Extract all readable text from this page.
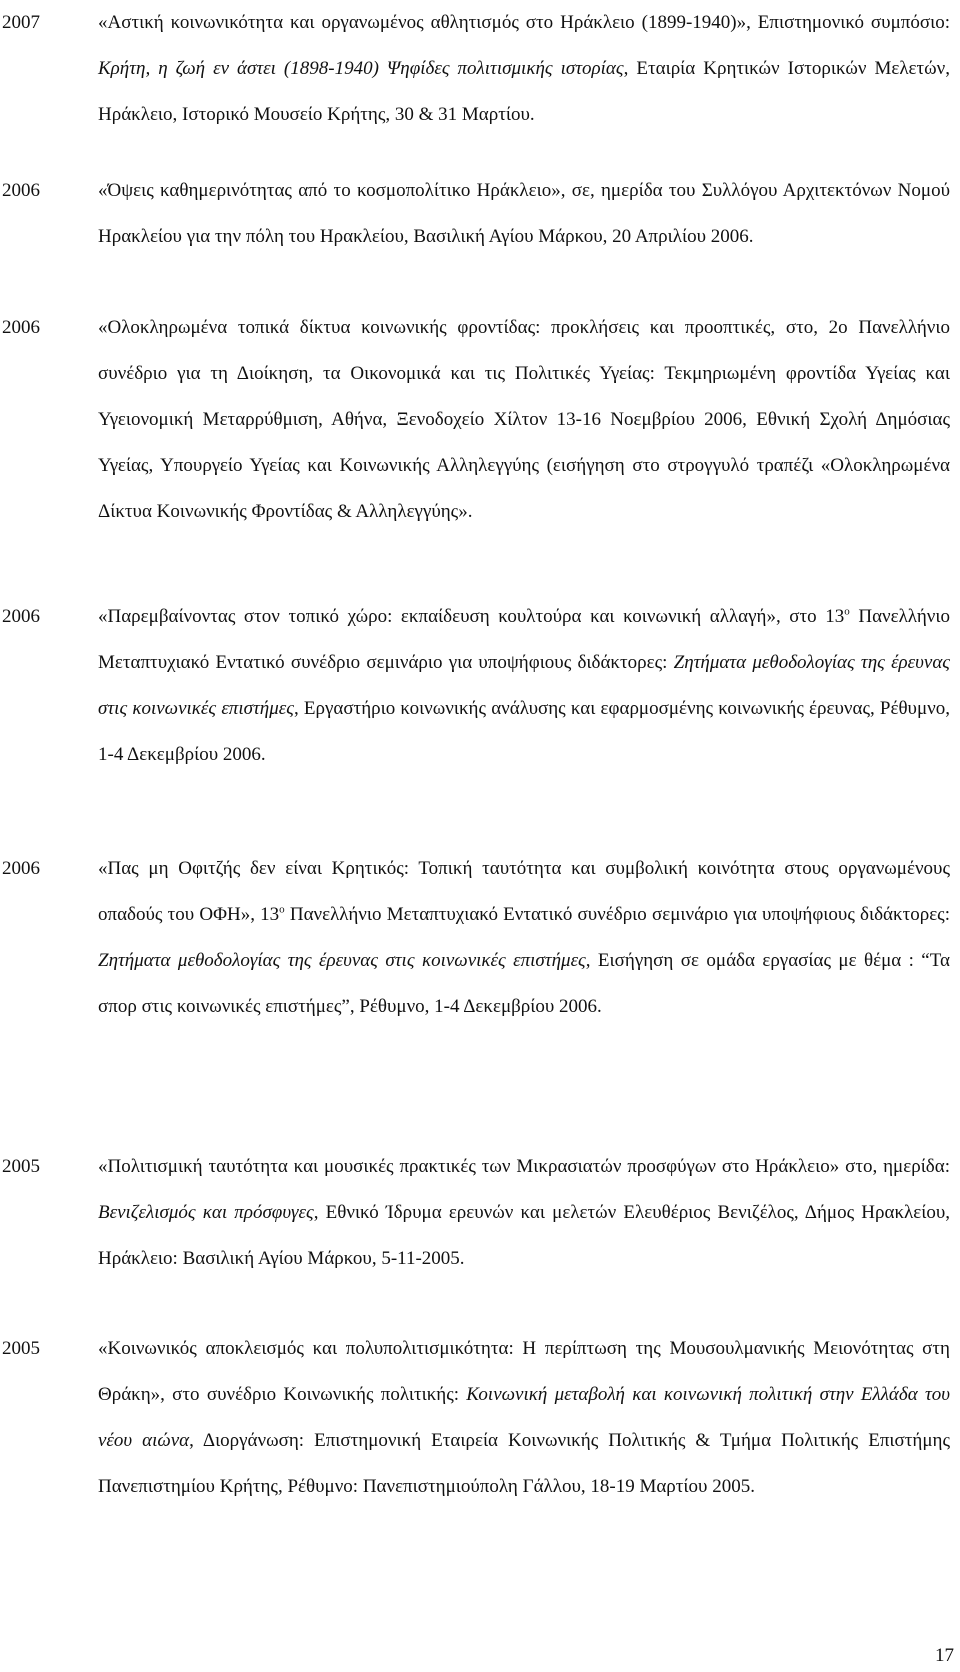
2007	«Αστική κοινωνικότητα και οργανωμένος αθλητισμός στο Ηράκλειο (1899-1940)», Επιστημονικό συμπόσιο: Κρήτη, η ζωή εν άστει (1898-1940) Ψηφίδες πολιτισμικής ιστορίας, Εταιρία Κρητικών Ιστορικών Μελετών, Ηράκλειο, Ιστορικό Μουσείο Κρήτης, 30 & 31 Μαρτίου.
2006	«Όψεις καθημερινότητας από το κοσμοπολίτικο Ηράκλειο», σε, ημερίδα του Συλλόγου Αρχιτεκτόνων Νομού Ηρακλείου για την πόλη του Ηρακλείου, Βασιλική Αγίου Μάρκου, 20 Απριλίου 2006.
2006	«Ολοκληρωμένα τοπικά δίκτυα κοινωνικής φροντίδας: προκλήσεις και προοπτικές, στο, 2ο Πανελλήνιο συνέδριο για τη Διοίκηση, τα Οικονομικά και τις Πολιτικές Υγείας: Τεκμηριωμένη φροντίδα Υγείας και Υγειονομική Μεταρρύθμιση, Αθήνα, Ξενοδοχείο Χίλτον 13-16 Νοεμβρίου 2006, Εθνική Σχολή Δημόσιας Υγείας, Υπουργείο Υγείας και Κοινωνικής Αλληλεγγύης (εισήγηση στο στρογγυλό τραπέζι «Ολοκληρωμένα Δίκτυα Κοινωνικής Φροντίδας & Αλληλεγγύης».
2006	«Παρεμβαίνοντας στον τοπικό χώρο: εκπαίδευση κουλτούρα και κοινωνική αλλαγή», στο $13^o$ Πανελλήνιο Μεταπτυχιακό Εντατικό συνέδριο σεμινάριο για υποψήφιους διδάκτορες: Ζητήματα μεθοδολογίας της έρευνας στις κοινωνικές επιστήμες, Εργαστήριο κοινωνικής ανάλυσης και εφαρμοσμένης κοινωνικής έρευνας, Ρέθυμνο, 1-4 Δεκεμβρίου 2006.
2006	«Πας μη Οφιτζής δεν είναι Κρητικός: Τοπική ταυτότητα και συμβολική κοινότητα στους οργανωμένους οπαδούς του ΟΦΗ», $13^o$ Πανελλήνιο Μεταπτυχιακό Εντατικό συνέδριο σεμινάριο για υποψήφιους διδάκτορες: Ζητήματα μεθοδολογίας της έρευνας στις κοινωνικές επιστήμες, Εισήγηση σε ομάδα εργασίας με θέμα : “Τα σπορ στις κοινωνικές επιστήμες”, Ρέθυμνο, 1-4 Δεκεμβρίου 2006.
2005	«Πολιτισμική ταυτότητα και μουσικές πρακτικές των Μικρασιατών προσφύγων στο Ηράκλειο» στο, ημερίδα: Βενιζελισμός και πρόσφυγες, Εθνικό Ίδρυμα ερευνών και μελετών Ελευθέριος Βενιζέλος, Δήμος Ηρακλείου, Ηράκλειο: Βασιλική Αγίου Μάρκου, 5-11-2005.
2005	«Κοινωνικός αποκλεισμός και πολυπολιτισμικότητα: Η περίπτωση της Μουσουλμανικής Μειονότητας στη Θράκη», στο συνέδριο Κοινωνικής πολιτικής: Κοινωνική μεταβολή και κοινωνική πολιτική στην Ελλάδα του νέου αιώνα, Διοργάνωση: Επιστημονική Εταιρεία Κοινωνικής Πολιτικής & Τμήμα Πολιτικής Επιστήμης Πανεπιστημίου Κρήτης, Ρέθυμνο: Πανεπιστημιούπολη Γάλλου, 18-19 Μαρτίου 2005.
17
